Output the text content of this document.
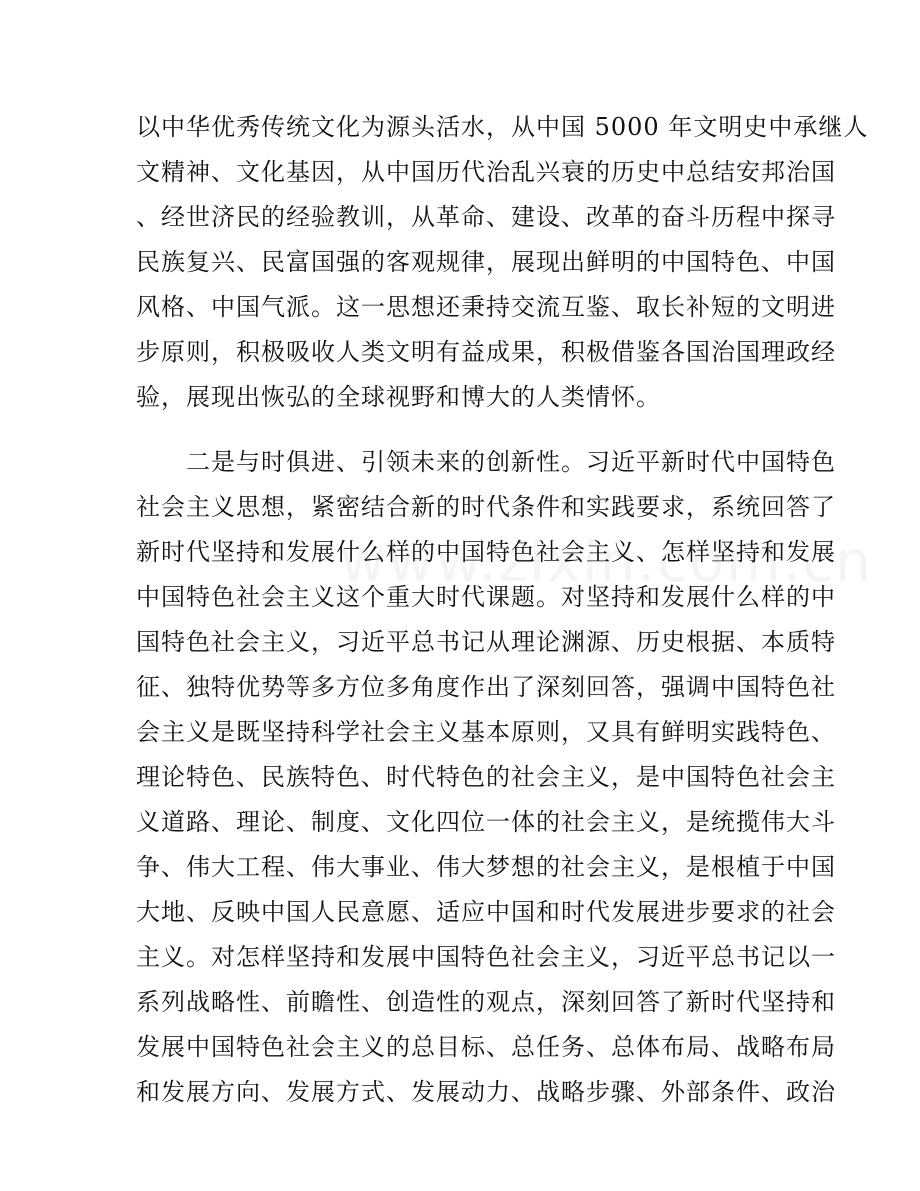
以中华优秀传统文化为源头活水，从中国 5000 年文明史中承继人
文精神、文化基因，从中国历代治乱兴衰的历史中总结安邦治国
、经世济民的经验教训，从革命、建设、改革的奋斗历程中探寻
民族复兴、民富国强的客观规律，展现出鲜明的中国特色、中国
风格、中国气派。这一思想还秉持交流互鉴、取长补短的文明进
步原则，积极吸收人类文明有益成果，积极借鉴各国治国理政经
验，展现出恢弘的全球视野和博大的人类情怀。
二是与时俱进、引领未来的创新性。习近平新时代中国特色
社会主义思想，紧密结合新的时代条件和实践要求，系统回答了
新时代坚持和发展什么样的中国特色社会主义、怎样坚持和发展
中国特色社会主义这个重大时代课题。对坚持和发展什么样的中
国特色社会主义，习近平总书记从理论渊源、历史根据、本质特
征、独特优势等多方位多角度作出了深刻回答，强调中国特色社
会主义是既坚持科学社会主义基本原则，又具有鲜明实践特色、
理论特色、民族特色、时代特色的社会主义，是中国特色社会主
义道路、理论、制度、文化四位一体的社会主义，是统揽伟大斗
争、伟大工程、伟大事业、伟大梦想的社会主义，是根植于中国
大地、反映中国人民意愿、适应中国和时代发展进步要求的社会
主义。对怎样坚持和发展中国特色社会主义，习近平总书记以一
系列战略性、前瞻性、创造性的观点，深刻回答了新时代坚持和
发展中国特色社会主义的总目标、总任务、总体布局、战略布局
和发展方向、发展方式、发展动力、战略步骤、外部条件、政治
